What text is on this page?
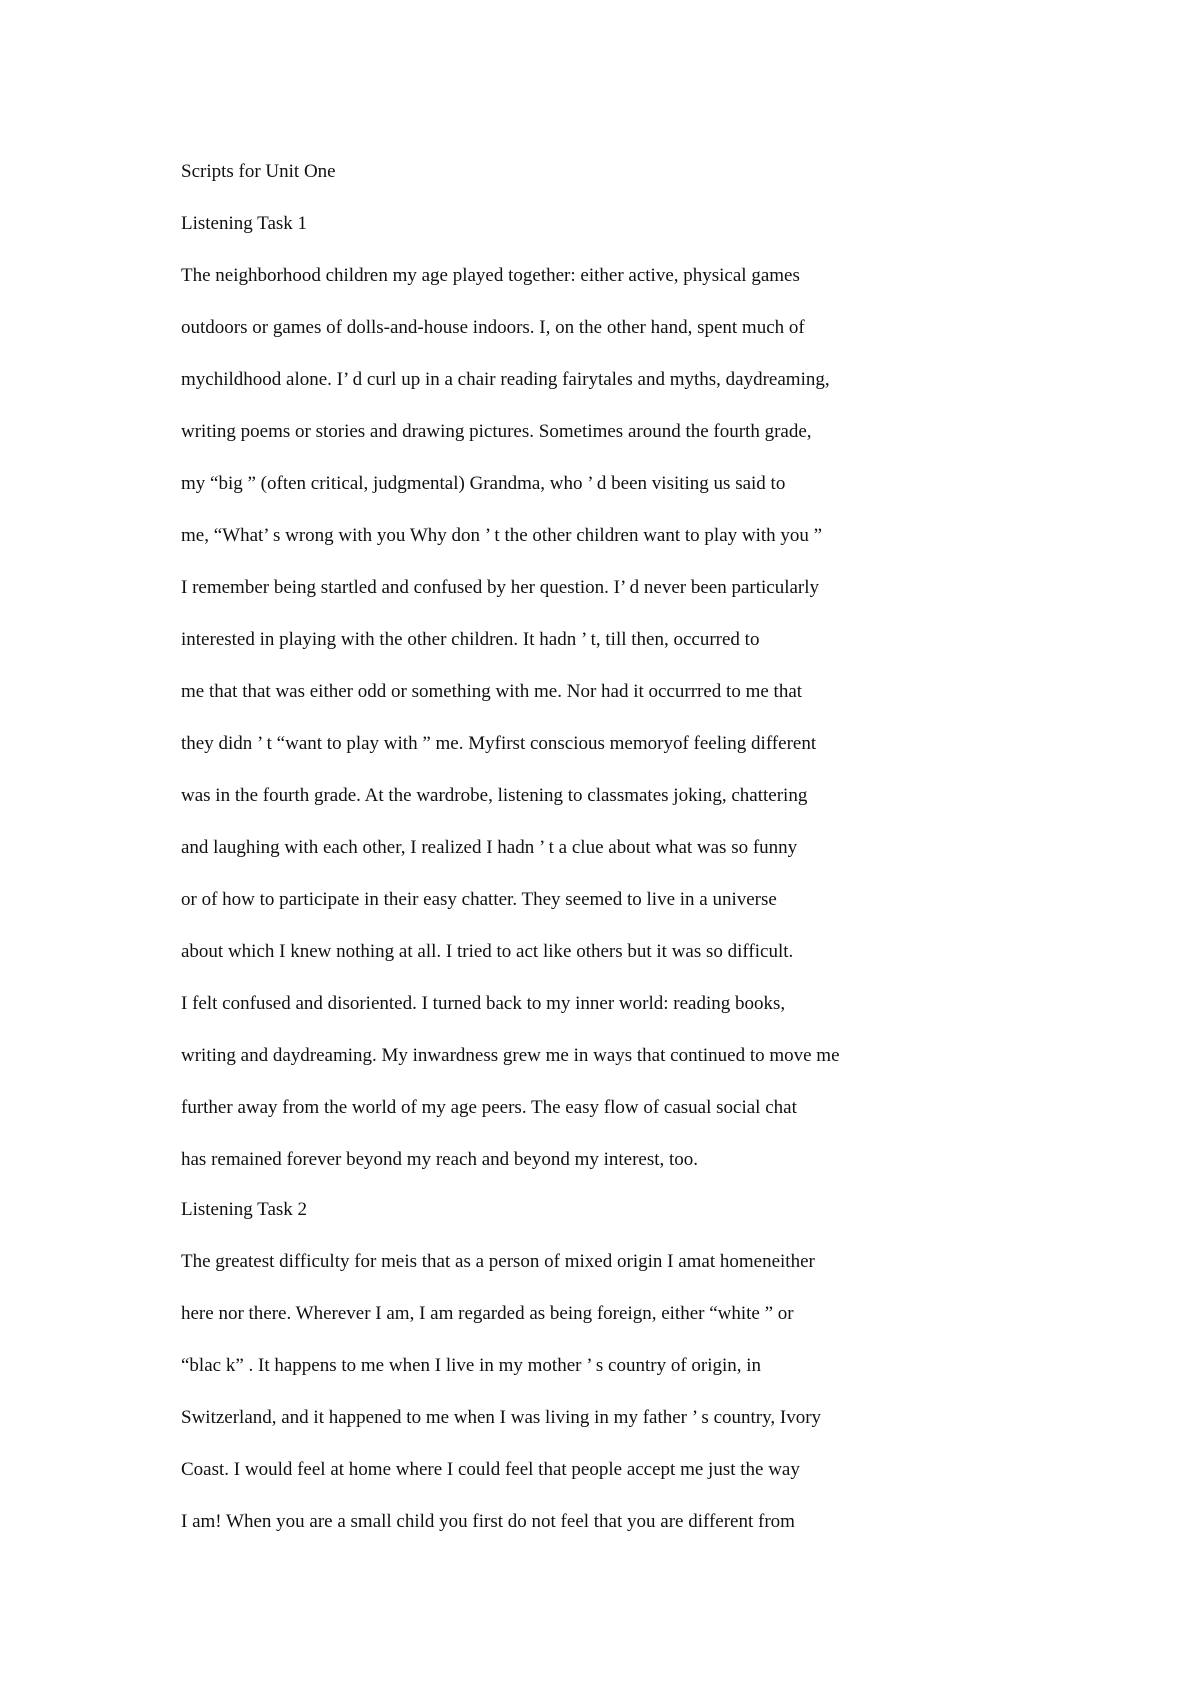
Scripts for Unit One
Listening Task 1
The neighborhood children my age played together: either active, physical games
outdoors or games of dolls-and-house indoors. I, on the other hand, spent much of
mychildhood alone. I’ d curl up in a chair reading fairytales and myths, daydreaming,
writing poems or stories and drawing pictures. Sometimes around the fourth grade,
my “big ” (often critical, judgmental) Grandma, who ’ d been visiting us said to
me, “What’ s wrong with you Why don ’ t the other children want to play with you ”
I remember being startled and confused by her question. I’ d never been particularly
interested in playing with the other children. It hadn ’ t, till then, occurred to
me that that was either odd or something with me. Nor had it occurrred to me that
they didn ’ t “want to play with ” me. Myfirst conscious memoryof feeling different
was in the fourth grade. At the wardrobe, listening to classmates joking, chattering
and laughing with each other, I realized I hadn ’ t a clue about what was so funny
or of how to participate in their easy chatter. They seemed to live in a universe
about which I knew nothing at all. I tried to act like others but it was so difficult.
I felt confused and disoriented. I turned back to my inner world: reading books,
writing and daydreaming. My inwardness grew me in ways that continued to move me
further away from the world of my age peers. The easy flow of casual social chat
has remained forever beyond my reach and beyond my interest, too.
Listening Task 2
The greatest difficulty for meis that as a person of mixed origin I amat homeneither
here nor there. Wherever I am, I am regarded as being foreign, either “white ” or
“blac k” . It happens to me when I live in my mother ’ s country of origin, in
Switzerland, and it happened to me when I was living in my father ’ s country, Ivory
Coast. I would feel at home where I could feel that people accept me just the way
I am! When you are a small child you first do not feel that you are different from
